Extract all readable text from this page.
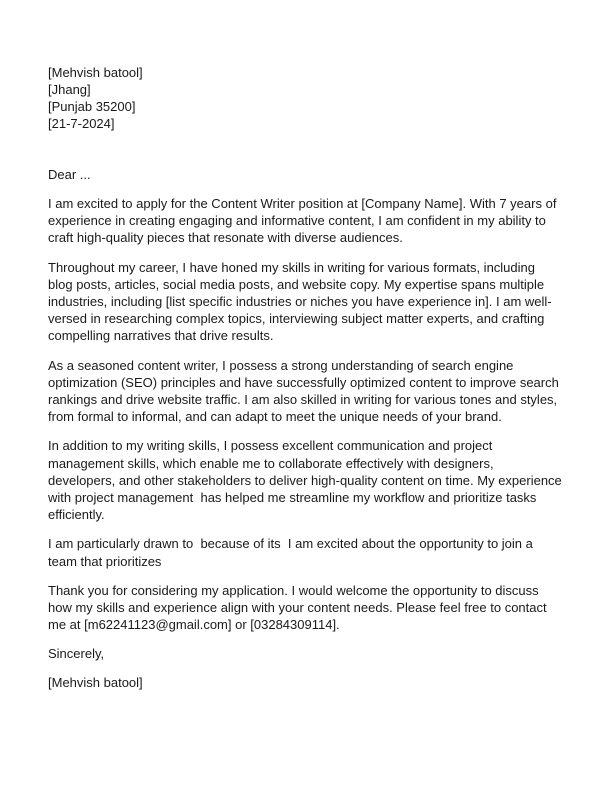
[Mehvish batool]
[Jhang]
[Punjab 35200]
[21-7-2024]

Dear ...

I am excited to apply for the Content Writer position at [Company Name]. With 7 years of experience in creating engaging and informative content, I am confident in my ability to craft high-quality pieces that resonate with diverse audiences.

Throughout my career, I have honed my skills in writing for various formats, including blog posts, articles, social media posts, and website copy. My expertise spans multiple industries, including [list specific industries or niches you have experience in]. I am well-versed in researching complex topics, interviewing subject matter experts, and crafting compelling narratives that drive results.

As a seasoned content writer, I possess a strong understanding of search engine optimization (SEO) principles and have successfully optimized content to improve search rankings and drive website traffic. I am also skilled in writing for various tones and styles, from formal to informal, and can adapt to meet the unique needs of your brand.

In addition to my writing skills, I possess excellent communication and project management skills, which enable me to collaborate effectively with designers, developers, and other stakeholders to deliver high-quality content on time. My experience with project management  has helped me streamline my workflow and prioritize tasks efficiently.

I am particularly drawn to  because of its  I am excited about the opportunity to join a team that prioritizes

Thank you for considering my application. I would welcome the opportunity to discuss how my skills and experience align with your content needs. Please feel free to contact me at [m62241123@gmail.com] or [03284309114].

Sincerely,

[Mehvish batool]
